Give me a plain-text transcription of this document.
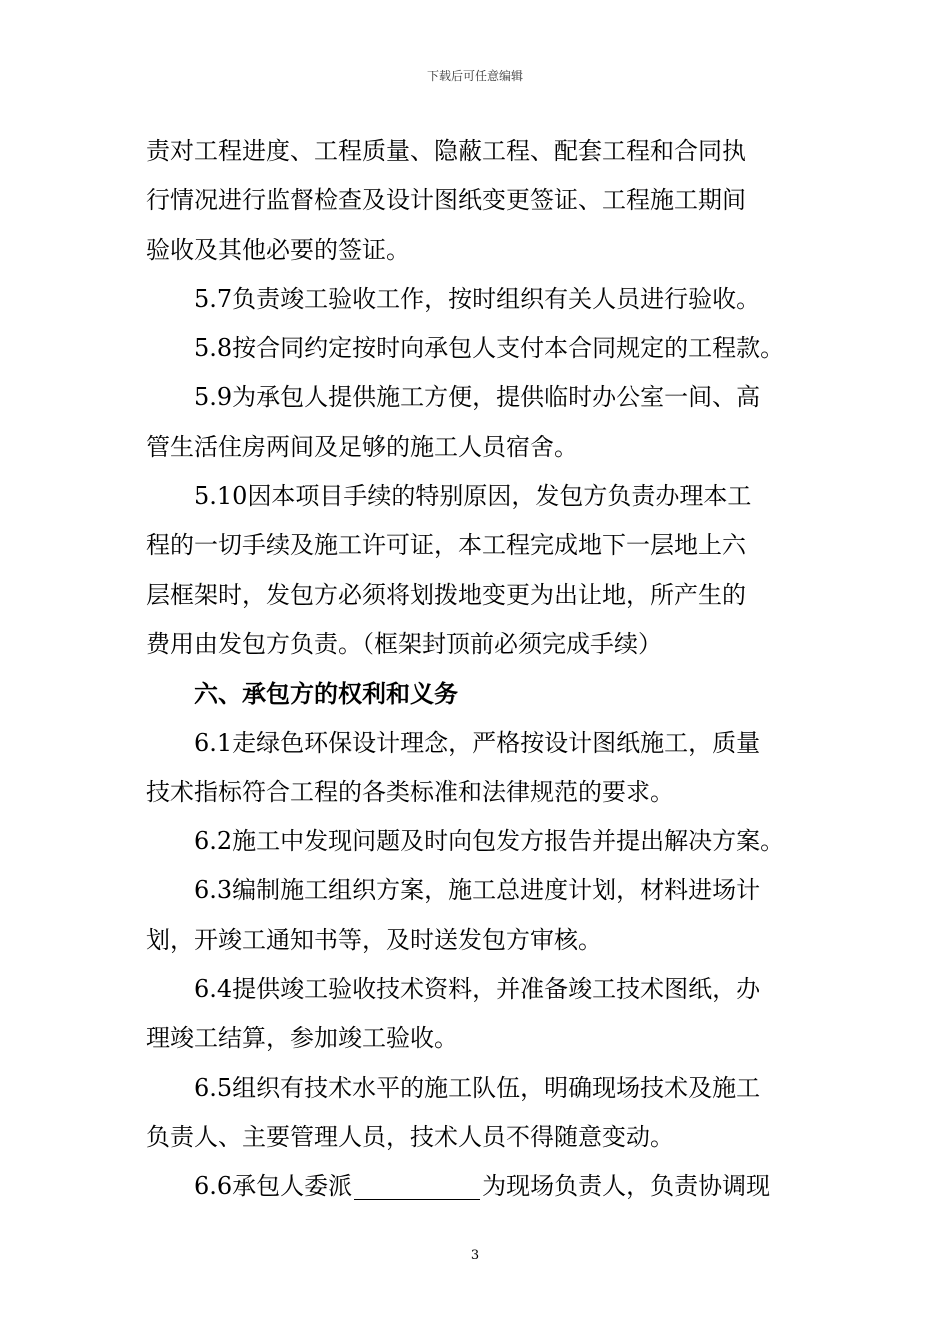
下载后可任意编辑
责对工程进度、工程质量、隐蔽工程、配套工程和合同执
行情况进行监督检查及设计图纸变更签证、工程施工期间
验收及其他必要的签证。
5.7负责竣工验收工作，按时组织有关人员进行验收。
5.8按合同约定按时向承包人支付本合同规定的工程款。
5.9为承包人提供施工方便，提供临时办公室一间、高
管生活住房两间及足够的施工人员宿舍。
5.10因本项目手续的特别原因，发包方负责办理本工
程的一切手续及施工许可证，本工程完成地下一层地上六
层框架时，发包方必须将划拨地变更为出让地，所产生的
费用由发包方负责。（框架封顶前必须完成手续）
六、承包方的权利和义务
6.1走绿色环保设计理念，严格按设计图纸施工，质量
技术指标符合工程的各类标准和法律规范的要求。
6.2施工中发现问题及时向包发方报告并提出解决方案。
6.3编制施工组织方案，施工总进度计划，材料进场计
划，开竣工通知书等，及时送发包方审核。
6.4提供竣工验收技术资料，并准备竣工技术图纸，办
理竣工结算，参加竣工验收。
6.5组织有技术水平的施工队伍，明确现场技术及施工
负责人、主要管理人员，技术人员不得随意变动。
6.6承包人委派	为现场负责人，负责协调现
3
